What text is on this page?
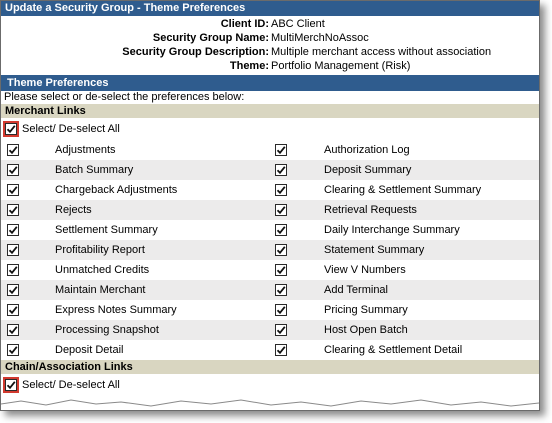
Update a Security Group - Theme Preferences
Client ID: ABC Client
Security Group Name: MultiMerchNoAssoc
Security Group Description: Multiple merchant access without association
Theme: Portfolio Management (Risk)
Theme Preferences
Please select or de-select the preferences below:
Merchant Links
Select/ De-select All
Adjustments	Authorization Log
Batch Summary	Deposit Summary
Chargeback Adjustments	Clearing & Settlement Summary
Rejects	Retrieval Requests
Settlement Summary	Daily Interchange Summary
Profitability Report	Statement Summary
Unmatched Credits	View V Numbers
Maintain Merchant	Add Terminal
Express Notes Summary	Pricing Summary
Processing Snapshot	Host Open Batch
Deposit Detail	Clearing & Settlement Detail
Chain/Association Links
Select/ De-select All
